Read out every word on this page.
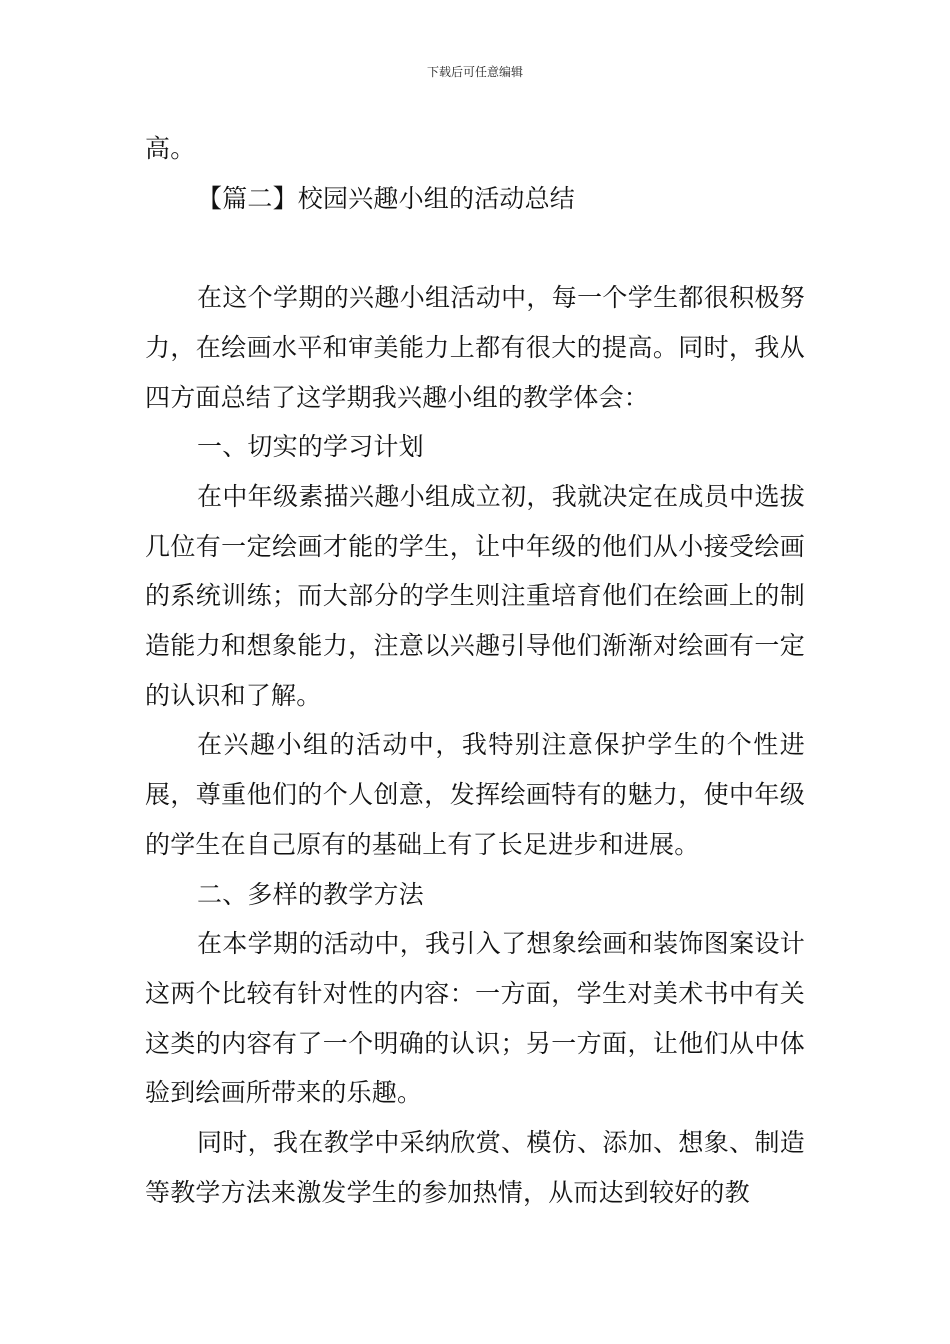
下载后可任意编辑

高。

【篇二】校园兴趣小组的活动总结

在这个学期的兴趣小组活动中，每一个学生都很积极努力，在绘画水平和审美能力上都有很大的提高。同时，我从四方面总结了这学期我兴趣小组的教学体会：

一、切实的学习计划

在中年级素描兴趣小组成立初，我就决定在成员中选拔几位有一定绘画才能的学生，让中年级的他们从小接受绘画的系统训练；而大部分的学生则注重培育他们在绘画上的制造能力和想象能力，注意以兴趣引导他们渐渐对绘画有一定的认识和了解。

在兴趣小组的活动中，我特别注意保护学生的个性进展，尊重他们的个人创意，发挥绘画特有的魅力，使中年级的学生在自己原有的基础上有了长足进步和进展。

二、多样的教学方法

在本学期的活动中，我引入了想象绘画和装饰图案设计这两个比较有针对性的内容：一方面，学生对美术书中有关这类的内容有了一个明确的认识；另一方面，让他们从中体验到绘画所带来的乐趣。

同时，我在教学中采纳欣赏、模仿、添加、想象、制造等教学方法来激发学生的参加热情，从而达到较好的教
